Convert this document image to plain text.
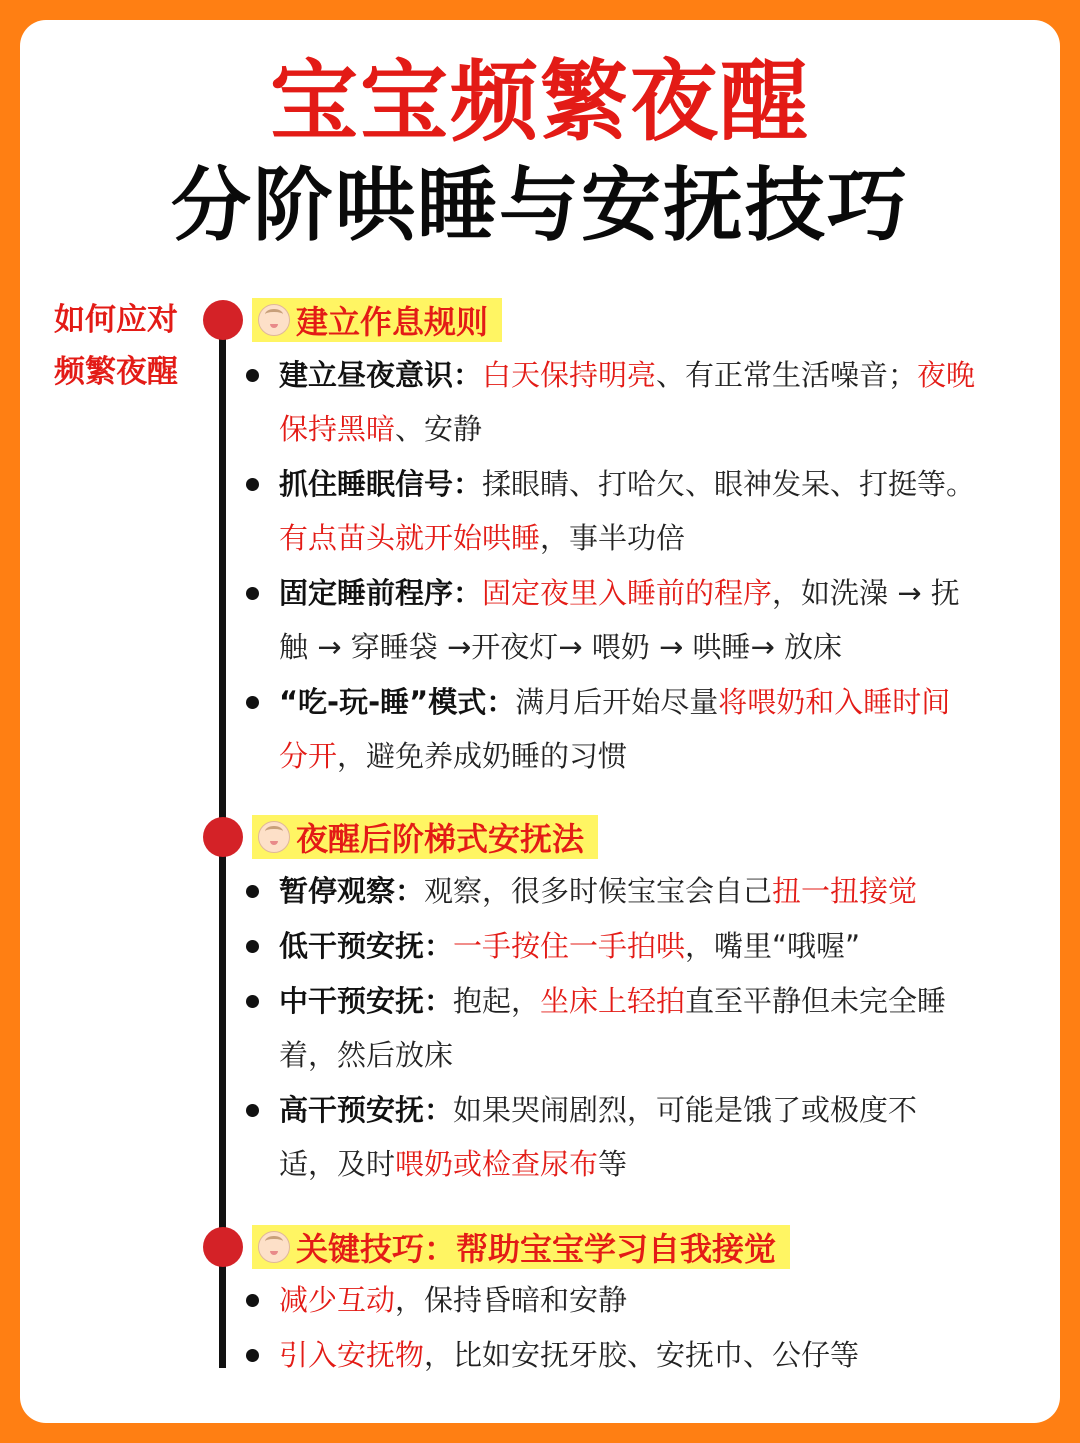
宝宝频繁夜醒
分阶哄睡与安抚技巧
如何应对
频繁夜醒
建立作息规则
建立昼夜意识：白天保持明亮、有正常生活噪音；夜晚
保持黑暗、安静
抓住睡眠信号：揉眼睛、打哈欠、眼神发呆、打挺等。
有点苗头就开始哄睡，事半功倍
固定睡前程序：固定夜里入睡前的程序，如洗澡 → 抚
触 → 穿睡袋 →开夜灯→ 喂奶 → 哄睡→ 放床
“吃-玩-睡”模式：满月后开始尽量将喂奶和入睡时间
分开，避免养成奶睡的习惯
夜醒后阶梯式安抚法
暂停观察：观察，很多时候宝宝会自己扭一扭接觉
低干预安抚：一手按住一手拍哄，嘴里“哦喔”
中干预安抚：抱起，坐床上轻拍直至平静但未完全睡
着，然后放床
高干预安抚：如果哭闹剧烈，可能是饿了或极度不
适，及时喂奶或检查尿布等
关键技巧：帮助宝宝学习自我接觉
减少互动，保持昏暗和安静
引入安抚物，比如安抚牙胶、安抚巾、公仔等
